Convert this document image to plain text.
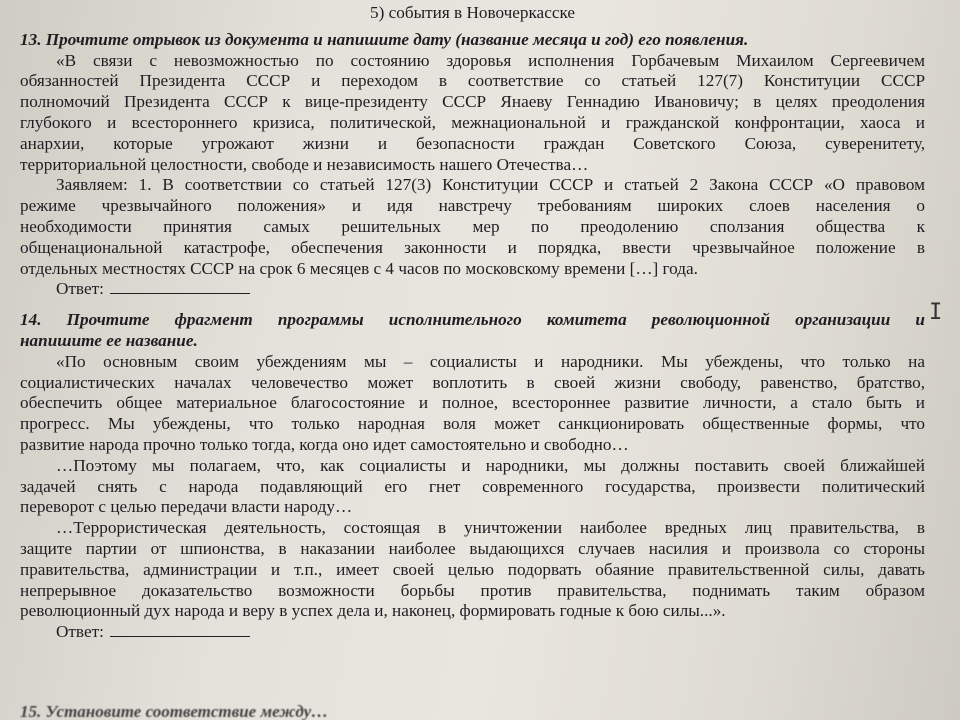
5) события в Новочеркасске
13. Прочтите отрывок из документа и напишите дату (название месяца и год) его появления.
«В связи с невозможностью по состоянию здоровья исполнения Горбачевым Михаилом Сергеевичем
обязанностей Президента СССР и переходом в соответствие со статьей 127(7) Конституции СССР
полномочий Президента СССР к вице-президенту СССР Янаеву Геннадию Ивановичу; в целях преодоления
глубокого и всестороннего кризиса, политической, межнациональной и гражданской конфронтации, хаоса и
анархии, которые угрожают жизни и безопасности граждан Советского Союза, суверенитету,
территориальной целостности, свободе и независимость нашего Отечества…
Заявляем: 1. В соответствии со статьей 127(3) Конституции СССР и статьей 2 Закона СССР «О правовом
режиме чрезвычайного положения» и идя навстречу требованиям широких слоев населения о
необходимости принятия самых решительных мер по преодолению сползания общества к
общенациональной катастрофе, обеспечения законности и порядка, ввести чрезвычайное положение в
отдельных местностях СССР на срок 6 месяцев с 4 часов по московскому времени […] года.
Ответ:
14. Прочтите фрагмент программы исполнительного комитета революционной организации и
напишите ее название.
«По основным своим убеждениям мы – социалисты и народники. Мы убеждены, что только на
социалистических началах человечество может воплотить в своей жизни свободу, равенство, братство,
обеспечить общее материальное благосостояние и полное, всестороннее развитие личности, а стало быть и
прогресс. Мы убеждены, что только народная воля может санкционировать общественные формы, что
развитие народа прочно только тогда, когда оно идет самостоятельно и свободно…
…Поэтому мы полагаем, что, как социалисты и народники, мы должны поставить своей ближайшей
задачей снять с народа подавляющий его гнет современного государства, произвести политический
переворот с целью передачи власти народу…
…Террористическая деятельность, состоящая в уничтожении наиболее вредных лиц правительства, в
защите партии от шпионства, в наказании наиболее выдающихся случаев насилия и произвола со стороны
правительства, администрации и т.п., имеет своей целью подорвать обаяние правительственной силы, давать
непрерывное доказательство возможности борьбы против правительства, поднимать таким образом
революционный дух народа и веру в успех дела и, наконец, формировать годные к бою силы...».
Ответ:
15. Установите соответствие между…
I
